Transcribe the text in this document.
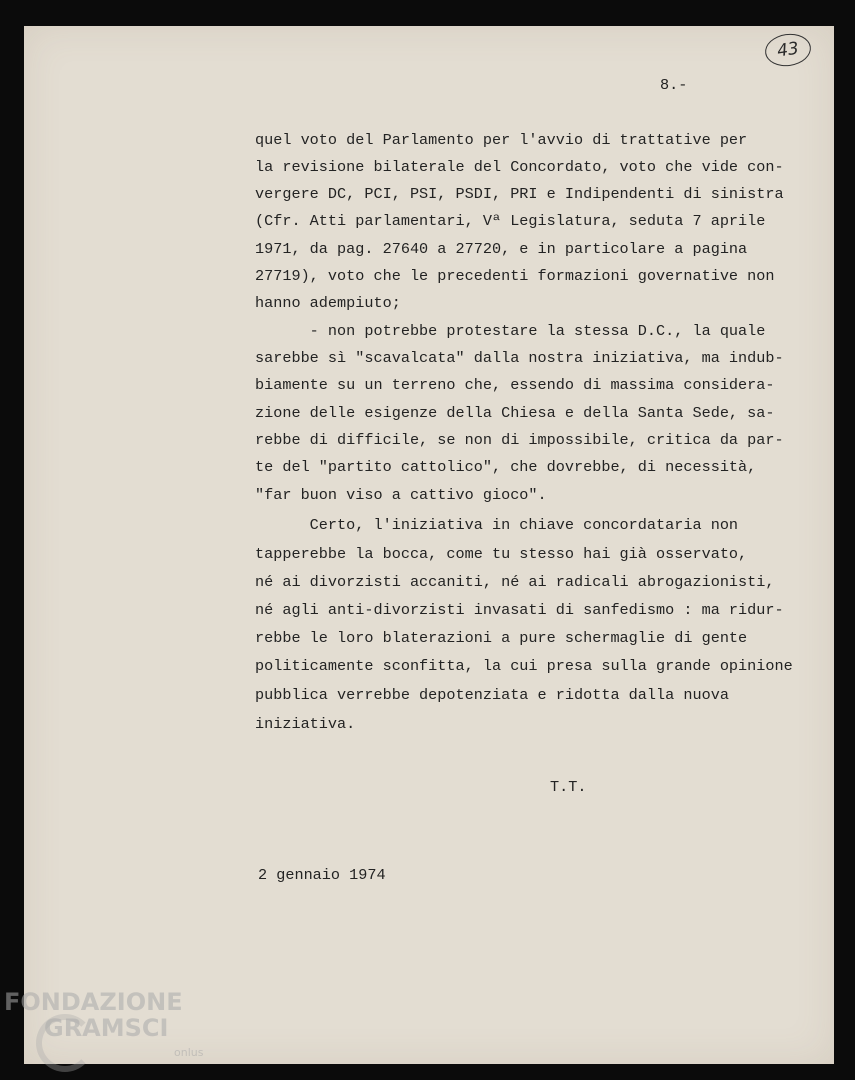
43
8.-
quel voto del Parlamento per l'avvio di trattative per
la revisione bilaterale del Concordato, voto che vide con-
vergere DC, PCI, PSI, PSDI, PRI e Indipendenti di sinistra
(Cfr. Atti parlamentari, Vª Legislatura, seduta 7 aprile
1971, da pag. 27640 a 27720, e in particolare a pagina
27719), voto che le precedenti formazioni governative non
hanno adempiuto;
- non potrebbe protestare la stessa D.C., la quale
sarebbe sì "scavalcata" dalla nostra iniziativa, ma indub-
biamente su un terreno che, essendo di massima considera-
zione delle esigenze della Chiesa e della Santa Sede, sa-
rebbe di difficile, se non di impossibile, critica da par-
te del "partito cattolico", che dovrebbe, di necessità,
"far buon viso a cattivo gioco".
Certo, l'iniziativa in chiave concordataria non
tapperebbe la bocca, come tu stesso hai già osservato,
né ai divorzisti accaniti, né ai radicali abrogazionisti,
né agli anti-divorzisti invasati di sanfedismo : ma ridur-
rebbe le loro blaterazioni a pure schermaglie di gente
politicamente sconfitta, la cui presa sulla grande opinione
pubblica verrebbe depotenziata e ridotta dalla nuova
iniziativa.
T.T.
2 gennaio 1974
FONDAZIONE
GRAMSCI
onlus
